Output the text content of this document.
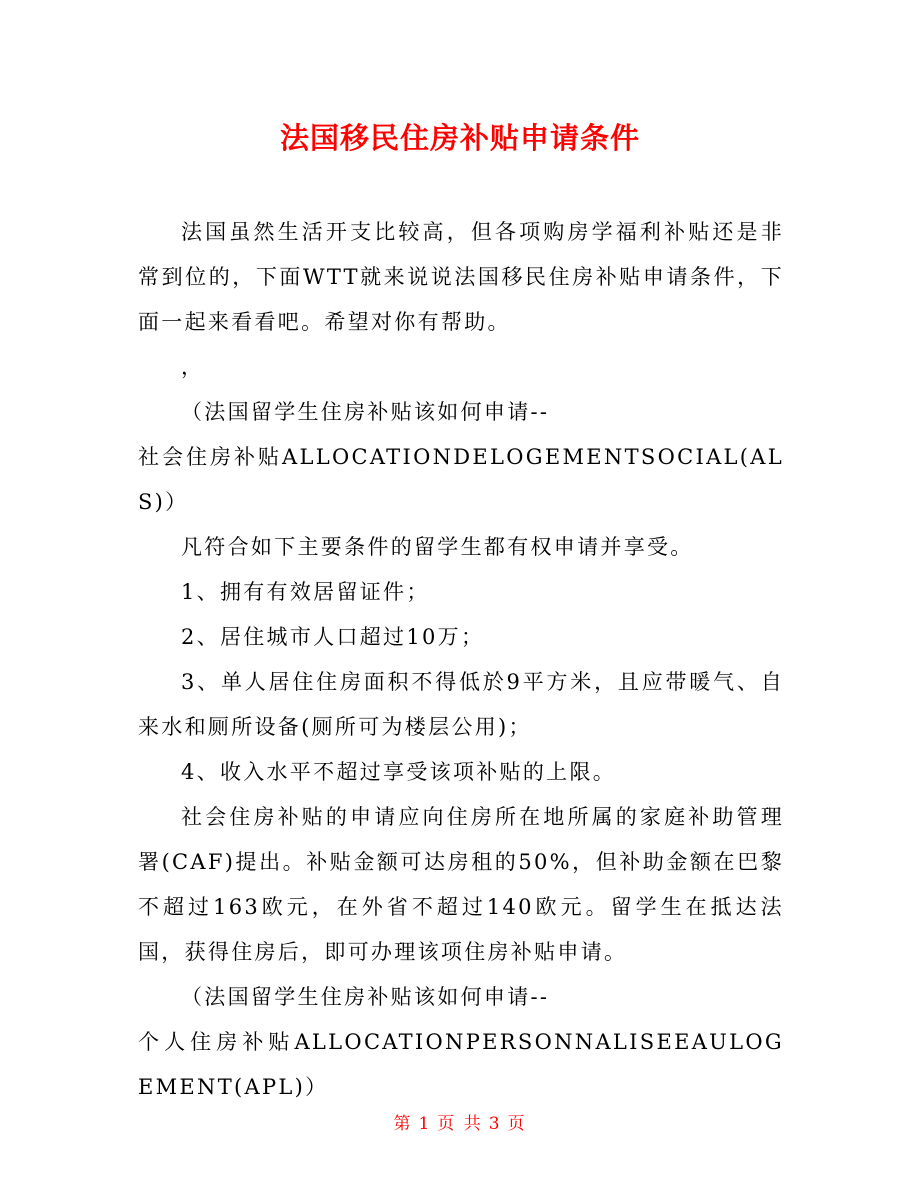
法国移民住房补贴申请条件

法国虽然生活开支比较高，但各项购房学福利补贴还是非常到位的，下面WTT就来说说法国移民住房补贴申请条件，下面一起来看看吧。希望对你有帮助。

，

（法国留学生住房补贴该如何申请--

社会住房补贴ALLOCATIONDELOGEMENTSOCIAL(ALS)）

凡符合如下主要条件的留学生都有权申请并享受。

1、拥有有效居留证件；

2、居住城市人口超过10万；

3、单人居住住房面积不得低於9平方米，且应带暖气、自来水和厕所设备(厕所可为楼层公用)；

4、收入水平不超过享受该项补贴的上限。

社会住房补贴的申请应向住房所在地所属的家庭补助管理署(CAF)提出。补贴金额可达房租的50%，但补助金额在巴黎不超过163欧元，在外省不超过140欧元。留学生在抵达法国，获得住房后，即可办理该项住房补贴申请。

（法国留学生住房补贴该如何申请--

个人住房补贴ALLOCATIONPERSONNALISEEAULOGEMENT(APL)）

第 1 页 共 3 页
